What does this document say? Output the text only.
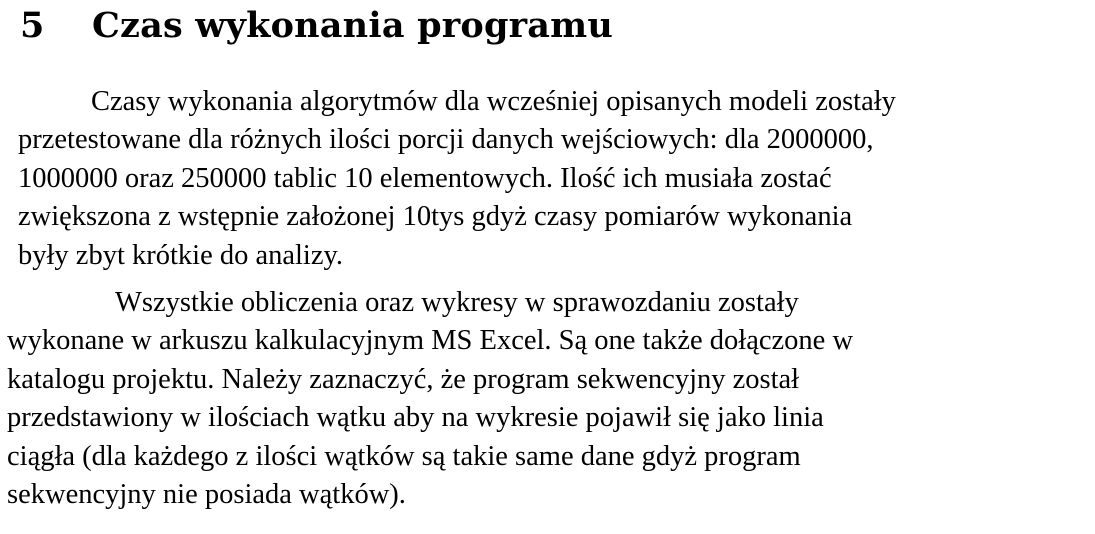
5 Czas wykonania programu

Czasy wykonania algorytmów dla wcześniej opisanych modeli zostały
przetestowane dla różnych ilości porcji danych wejściowych: dla 2000000,
1000000 oraz 250000 tablic 10 elementowych. Ilość ich musiała zostać
zwiększona z wstępnie założonej 10tys gdyż czasy pomiarów wykonania
były zbyt krótkie do analizy.

Wszystkie obliczenia oraz wykresy w sprawozdaniu zostały
wykonane w arkuszu kalkulacyjnym MS Excel. Są one także dołączone w
katalogu projektu. Należy zaznaczyć, że program sekwencyjny został
przedstawiony w ilościach wątku aby na wykresie pojawił się jako linia
ciągła (dla każdego z ilości wątków są takie same dane gdyż program
sekwencyjny nie posiada wątków).
